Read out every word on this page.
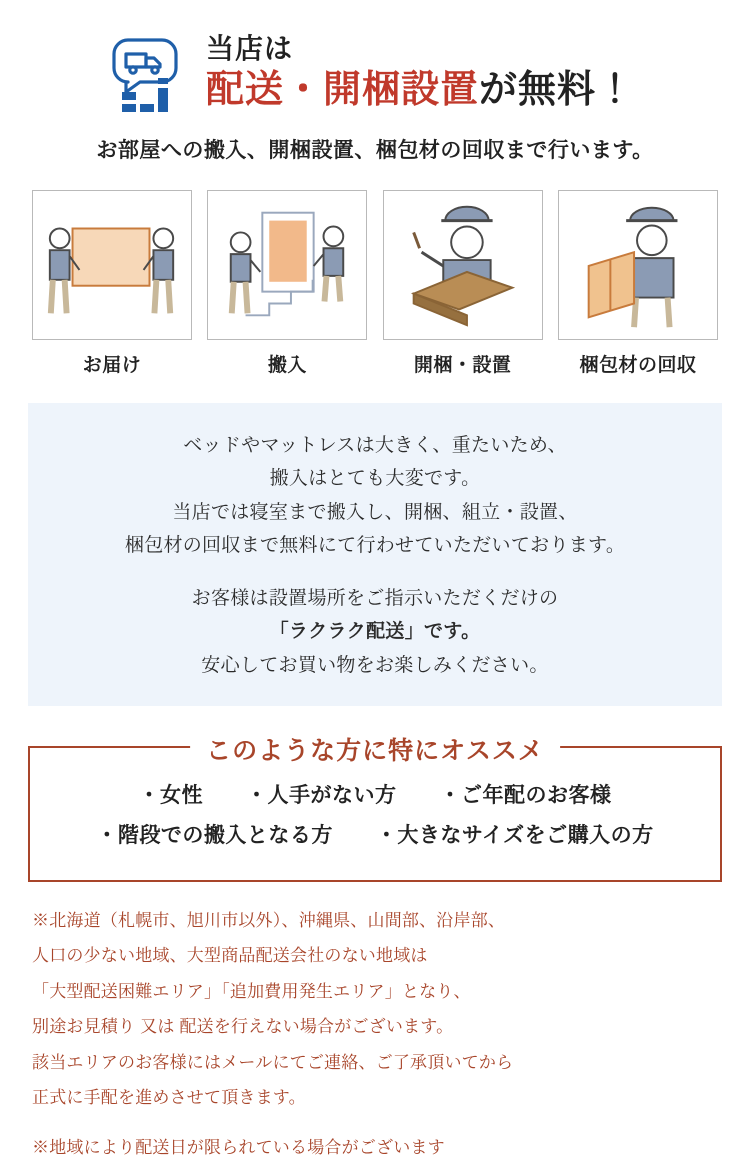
当店は
配送・開梱設置が無料！
お部屋への搬入、開梱設置、梱包材の回収まで行います。
お届け	搬入	開梱・設置	梱包材の回収

ベッドやマットレスは大きく、重たいため、

搬入はとても大変です。

当店では寝室まで搬入し、開梱、組立・設置、

梱包材の回収まで無料にて行わせていただいております。

お客様は設置場所をご指示いただくだけの

「ラクラク配送」です。

安心してお買い物をお楽しみください。

このような方に特にオススメ
・女性　　・人手がない方　　・ご年配のお客様
・階段での搬入となる方　　・大きなサイズをご購入の方

※北海道（札幌市、旭川市以外）、沖縄県、山間部、沿岸部、

人口の少ない地域、大型商品配送会社のない地域は

「大型配送困難エリア」「追加費用発生エリア」となり、

別途お見積り 又は 配送を行えない場合がございます。

該当エリアのお客様にはメールにてご連絡、ご了承頂いてから

正式に手配を進めさせて頂きます。

※地域により配送日が限られている場合がございます
